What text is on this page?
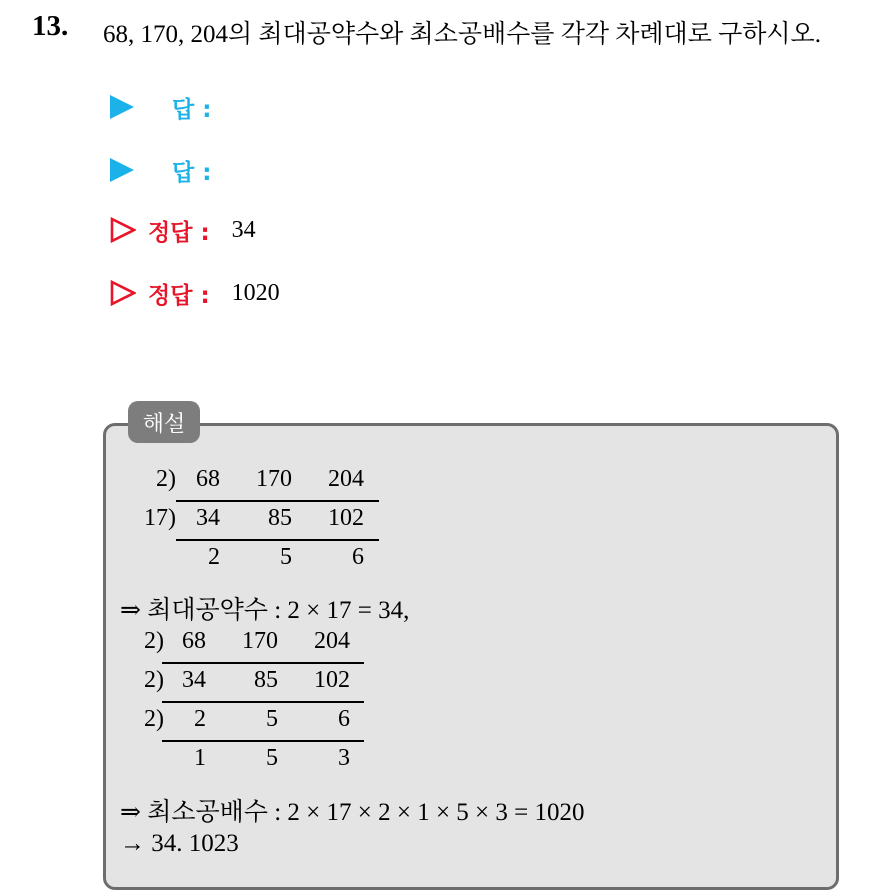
13. 68, 170, 204의 최대공약수와 최소공배수를 각각 차례대로 구하시오.
답 :
답 :
정답 : 34
정답 : 1020
해설
2) 68	170	204
17) 34	85	102
2	5	6
⇒ 최대공약수 : 2 × 17 = 34,
2) 68	170	204
2) 34	85	102
2)	2	5	6
1	5	3
⇒ 최소공배수 : 2 × 17 × 2 × 1 × 5 × 3 = 1020
→ 34. 1023
